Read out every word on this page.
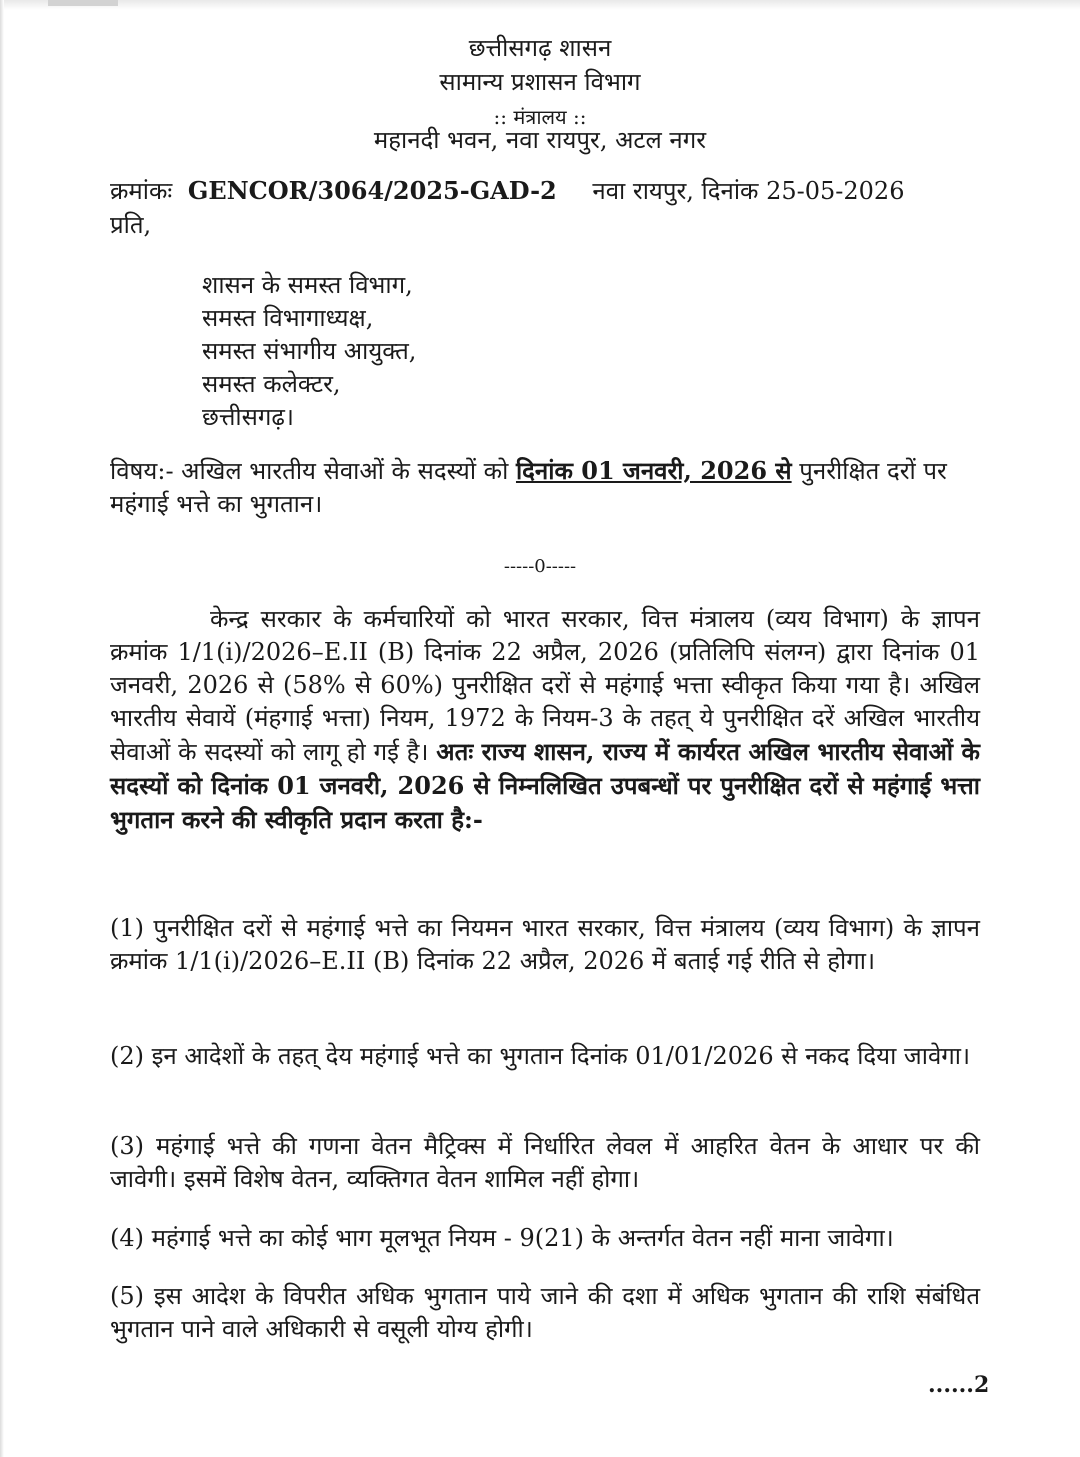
छत्तीसगढ़ शासन
सामान्य प्रशासन विभाग
:: मंत्रालय ::
महानदी भवन, नवा रायपुर, अटल नगर
क्रमांकः GENCOR/3064/2025-GAD-2 नवा रायपुर, दिनांक 25-05-2026
प्रति,
शासन के समस्त विभाग,
समस्त विभागाध्यक्ष,
समस्त संभागीय आयुक्त,
समस्त कलेक्टर,
छत्तीसगढ़।
विषय:- अखिल भारतीय सेवाओं के सदस्यों को दिनांक 01 जनवरी, 2026 से पुनरीक्षित दरों पर महंगाई भत्ते का भुगतान।
-----0-----
केन्द्र सरकार के कर्मचारियों को भारत सरकार, वित्त मंत्रालय (व्यय विभाग) के ज्ञापन क्रमांक 1/1(i)/2026–E.II (B) दिनांक 22 अप्रैल, 2026 (प्रतिलिपि संलग्न) द्वारा दिनांक 01 जनवरी, 2026 से (58% से 60%) पुनरीक्षित दरों से महंगाई भत्ता स्वीकृत किया गया है। अखिल भारतीय सेवायें (मंहगाई भत्ता) नियम, 1972 के नियम-3 के तहत् ये पुनरीक्षित दरें अखिल भारतीय सेवाओं के सदस्यों को लागू हो गई है। अतः राज्य शासन, राज्य में कार्यरत अखिल भारतीय सेवाओं के सदस्यों को दिनांक 01 जनवरी, 2026 से निम्नलिखित उपबन्धों पर पुनरीक्षित दरों से महंगाई भत्ता भुगतान करने की स्वीकृति प्रदान करता है:-
(1) पुनरीक्षित दरों से महंगाई भत्ते का नियमन भारत सरकार, वित्त मंत्रालय (व्यय विभाग) के ज्ञापन क्रमांक 1/1(i)/2026–E.II (B) दिनांक 22 अप्रैल, 2026 में बताई गई रीति से होगा।
(2) इन आदेशों के तहत् देय महंगाई भत्ते का भुगतान दिनांक 01/01/2026 से नकद दिया जावेगा।
(3) महंगाई भत्ते की गणना वेतन मैट्रिक्स में निर्धारित लेवल में आहरित वेतन के आधार पर की जावेगी। इसमें विशेष वेतन, व्यक्तिगत वेतन शामिल नहीं होगा।
(4) महंगाई भत्ते का कोई भाग मूलभूत नियम - 9(21) के अन्तर्गत वेतन नहीं माना जावेगा।
(5) इस आदेश के विपरीत अधिक भुगतान पाये जाने की दशा में अधिक भुगतान की राशि संबंधित भुगतान पाने वाले अधिकारी से वसूली योग्य होगी।
......2
